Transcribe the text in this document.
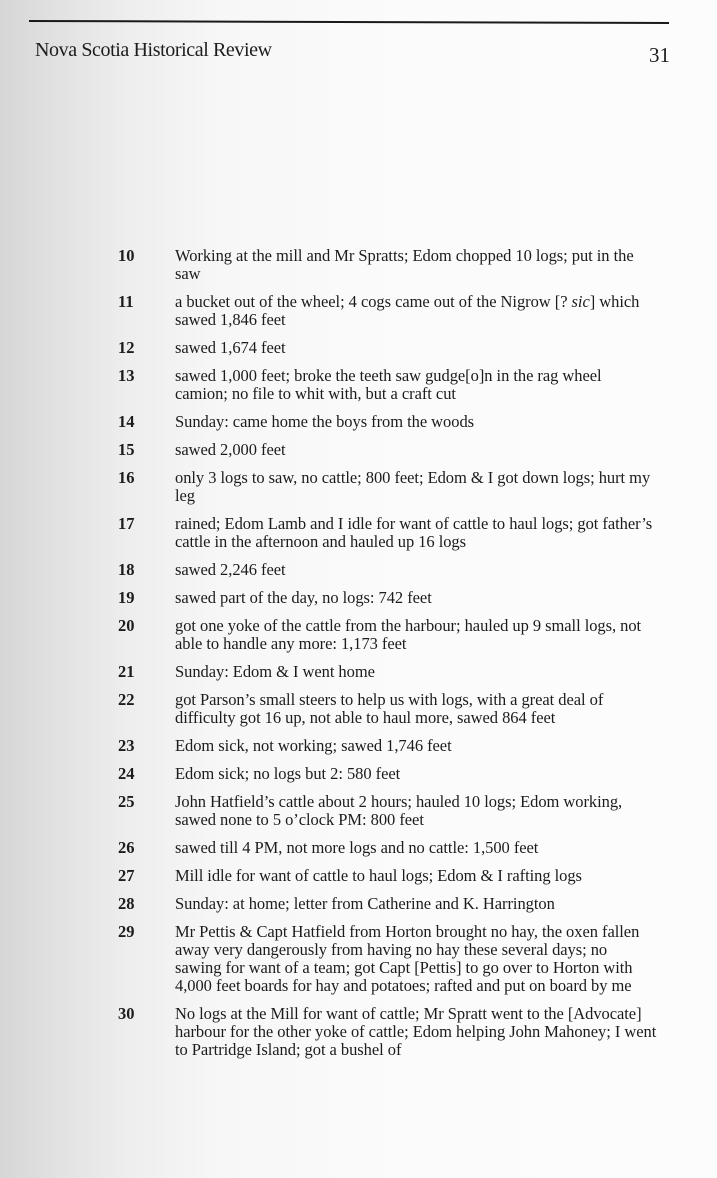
Nova Scotia Historical Review	31
10	Working at the mill and Mr Spratts; Edom chopped 10 logs; put in the saw
11	a bucket out of the wheel; 4 cogs came out of the Nigrow [? sic] which sawed 1,846 feet
12	sawed 1,674 feet
13	sawed 1,000 feet; broke the teeth saw gudge[o]n in the rag wheel camion; no file to whit with, but a craft cut
14	Sunday: came home the boys from the woods
15	sawed 2,000 feet
16	only 3 logs to saw, no cattle; 800 feet; Edom & I got down logs; hurt my leg
17	rained; Edom Lamb and I idle for want of cattle to haul logs; got father’s cattle in the afternoon and hauled up 16 logs
18	sawed 2,246 feet
19	sawed part of the day, no logs: 742 feet
20	got one yoke of the cattle from the harbour; hauled up 9 small logs, not able to handle any more: 1,173 feet
21	Sunday: Edom & I went home
22	got Parson’s small steers to help us with logs, with a great deal of difficulty got 16 up, not able to haul more, sawed 864 feet
23	Edom sick, not working; sawed 1,746 feet
24	Edom sick; no logs but 2: 580 feet
25	John Hatfield’s cattle about 2 hours; hauled 10 logs; Edom working, sawed none to 5 o’clock PM: 800 feet
26	sawed till 4 PM, not more logs and no cattle: 1,500 feet
27	Mill idle for want of cattle to haul logs; Edom & I rafting logs
28	Sunday: at home; letter from Catherine and K. Harrington
29	Mr Pettis & Capt Hatfield from Horton brought no hay, the oxen fallen away very dangerously from having no hay these several days; no sawing for want of a team; got Capt [Pettis] to go over to Horton with 4,000 feet boards for hay and potatoes; rafted and put on board by me
30	No logs at the Mill for want of cattle; Mr Spratt went to the [Advocate] harbour for the other yoke of cattle; Edom helping John Mahoney; I went to Partridge Island; got a bushel of
